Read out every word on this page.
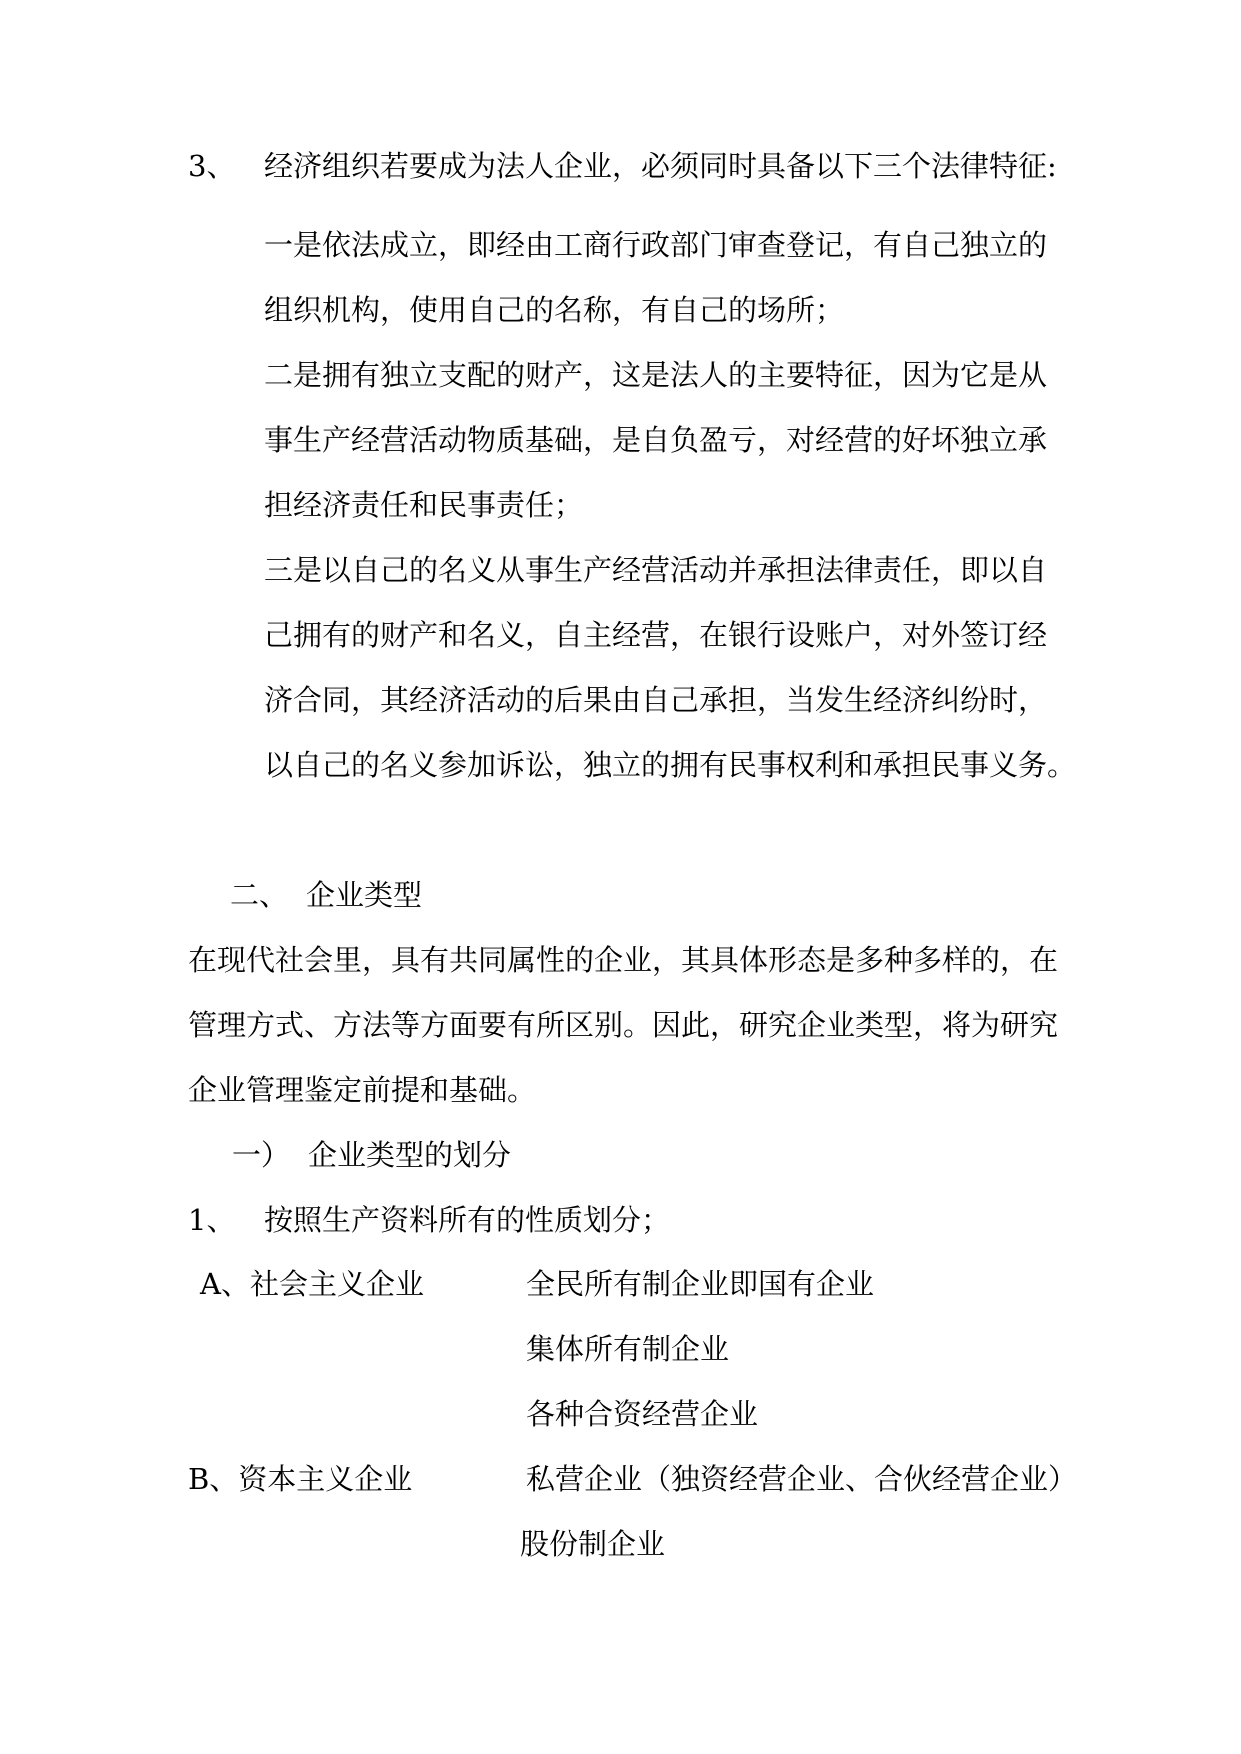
3、 经济组织若要成为法人企业，必须同时具备以下三个法律特征:
一是依法成立，即经由工商行政部门审查登记，有自己独立的
组织机构，使用自己的名称，有自己的场所；
二是拥有独立支配的财产，这是法人的主要特征，因为它是从
事生产经营活动物质基础，是自负盈亏，对经营的好坏独立承
担经济责任和民事责任；
三是以自己的名义从事生产经营活动并承担法律责任，即以自
己拥有的财产和名义，自主经营，在银行设账户，对外签订经
济合同，其经济活动的后果由自己承担，当发生经济纠纷时，
以自己的名义参加诉讼，独立的拥有民事权利和承担民事义务。
二、 企业类型
在现代社会里，具有共同属性的企业，其具体形态是多种多样的，在
管理方式、方法等方面要有所区别。因此，研究企业类型，将为研究
企业管理鉴定前提和基础。
一） 企业类型的划分
1、 按照生产资料所有的性质划分；
A、社会主义企业	全民所有制企业即国有企业
集体所有制企业
各种合资经营企业
B、资本主义企业	私营企业（独资经营企业、合伙经营企业）
股份制企业
